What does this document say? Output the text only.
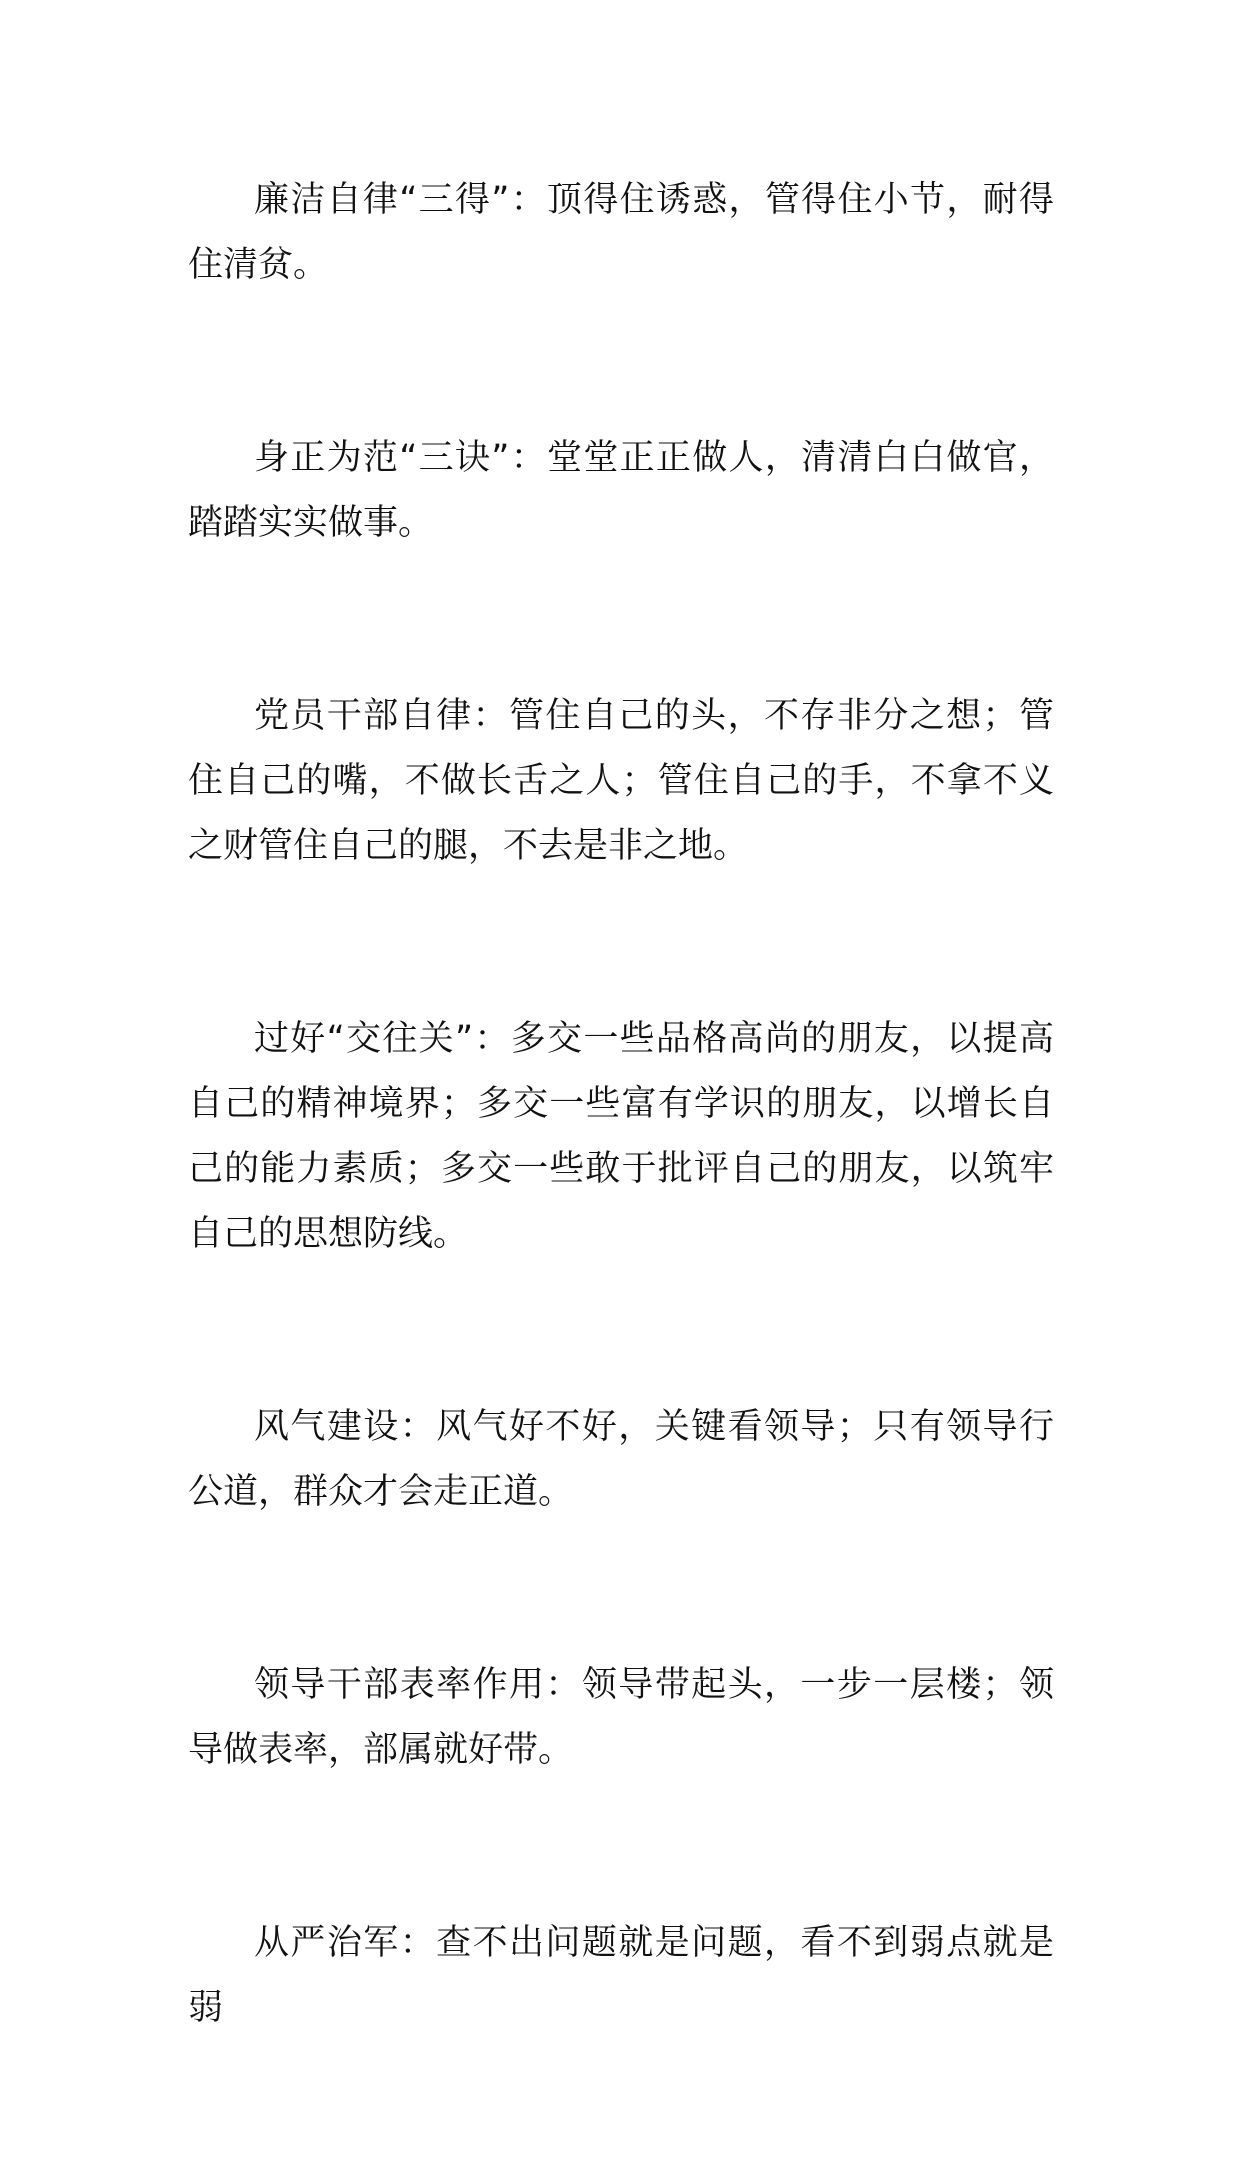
廉洁自律“三得”：顶得住诱惑，管得住小节，耐得住清贫。

身正为范“三诀”：堂堂正正做人，清清白白做官，踏踏实实做事。

党员干部自律：管住自己的头，不存非分之想；管住自己的嘴，不做长舌之人；管住自己的手，不拿不义之财管住自己的腿，不去是非之地。

过好“交往关”：多交一些品格高尚的朋友，以提高自己的精神境界；多交一些富有学识的朋友，以增长自己的能力素质；多交一些敢于批评自己的朋友，以筑牢自己的思想防线。

风气建设：风气好不好，关键看领导；只有领导行公道，群众才会走正道。

领导干部表率作用：领导带起头，一步一层楼；领导做表率，部属就好带。

从严治军：查不出问题就是问题，看不到弱点就是弱
